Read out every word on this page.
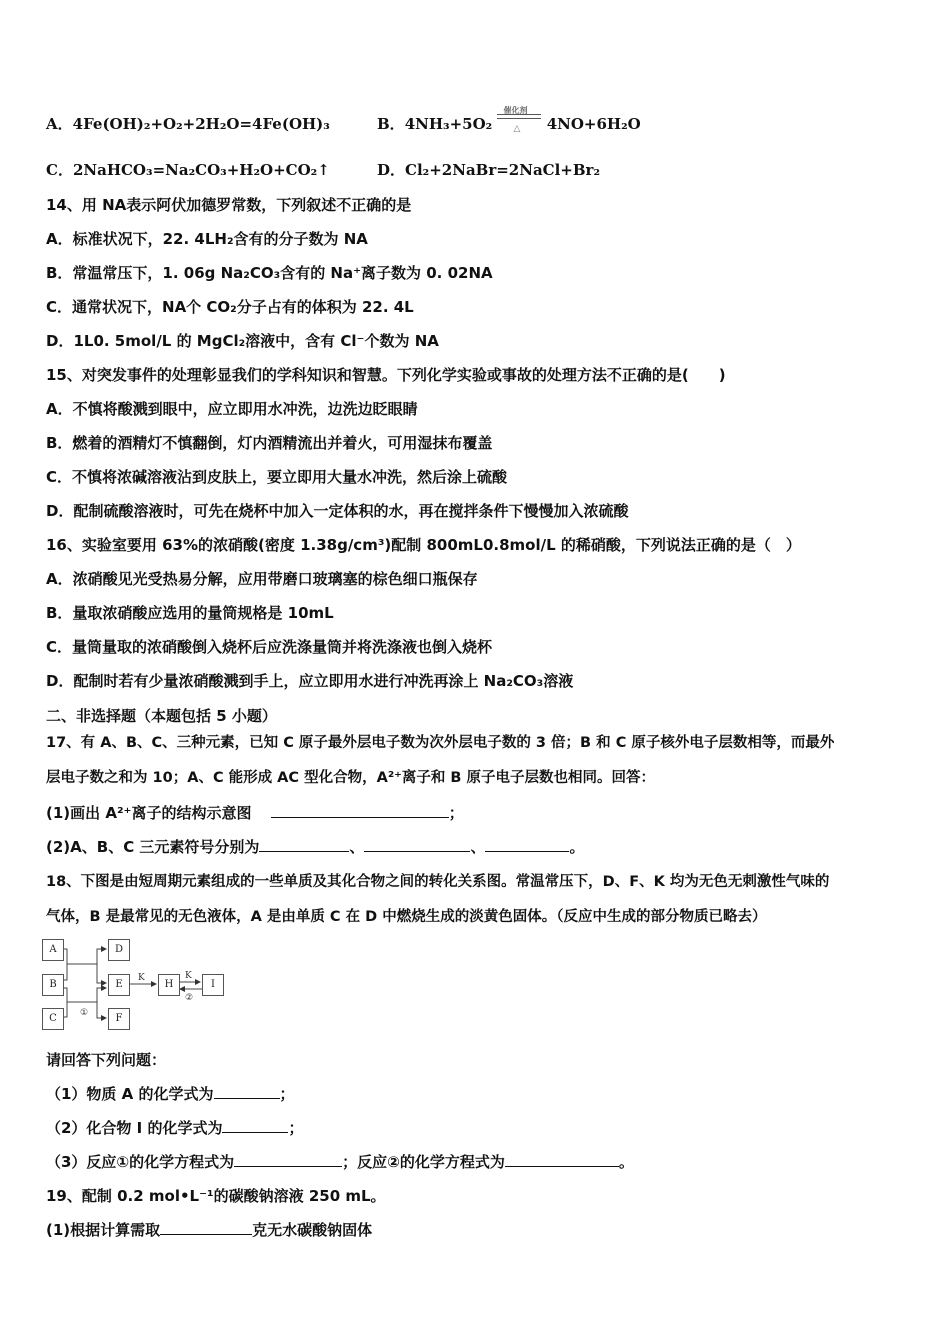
A．4Fe(OH)₂+O₂+2H₂O=4Fe(OH)₃	B．4NH₃+5O₂
催化剂
△ 4NO+6H₂O
C．2NaHCO₃=Na₂CO₃+H₂O+CO₂↑	D．Cl₂+2NaBr=2NaCl+Br₂
14、用 NA表示阿伏加德罗常数，下列叙述不正确的是
A．标准状况下，22. 4LH₂含有的分子数为 NA
B．常温常压下，1. 06g Na₂CO₃含有的 Na⁺离子数为 0. 02NA
C．通常状况下，NA个 CO₂分子占有的体积为 22. 4L
D．1L0. 5mol/L 的 MgCl₂溶液中，含有 Cl⁻个数为 NA
15、对突发事件的处理彰显我们的学科知识和智慧。下列化学实验或事故的处理方法不正确的是(　　)
A．不慎将酸溅到眼中，应立即用水冲洗，边洗边眨眼睛
B．燃着的酒精灯不慎翻倒，灯内酒精流出并着火，可用湿抹布覆盖
C．不慎将浓碱溶液沾到皮肤上，要立即用大量水冲洗，然后涂上硫酸
D．配制硫酸溶液时，可先在烧杯中加入一定体积的水，再在搅拌条件下慢慢加入浓硫酸
16、实验室要用 63%的浓硝酸(密度 1.38g/cm³)配制 800mL0.8mol/L 的稀硝酸，下列说法正确的是（　）
A．浓硝酸见光受热易分解，应用带磨口玻璃塞的棕色细口瓶保存
B．量取浓硝酸应选用的量筒规格是 10mL
C．量筒量取的浓硝酸倒入烧杯后应洗涤量筒并将洗涤液也倒入烧杯
D．配制时若有少量浓硝酸溅到手上，应立即用水进行冲洗再涂上 Na₂CO₃溶液
二、非选择题（本题包括 5 小题）
17、有 A、B、C、三种元素，已知 C 原子最外层电子数为次外层电子数的 3 倍；B 和 C 原子核外电子层数相等，而最外
层电子数之和为 10；A、C 能形成 AC 型化合物，A²⁺离子和 B 原子电子层数也相同。回答：
(1)画出 A²⁺离子的结构示意图	；
(2)A、B、C 三元素符号分别为	、	、	。
18、下图是由短周期元素组成的一些单质及其化合物之间的转化关系图。常温常压下，D、F、K 均为无色无刺激性气味的
气体，B 是最常见的无色液体，A 是由单质 C 在 D 中燃烧生成的淡黄色固体。（反应中生成的部分物质已略去）
K	K
①
②
A
B
C
D
E
F
H	I
请回答下列问题：
（1）物质 A 的化学式为	；
（2）化合物 I 的化学式为	；
（3）反应①的化学方程式为	；反应②的化学方程式为	。
19、配制 0.2 mol•L⁻¹的碳酸钠溶液 250 mL。
(1)根据计算需取	克无水碳酸钠固体
